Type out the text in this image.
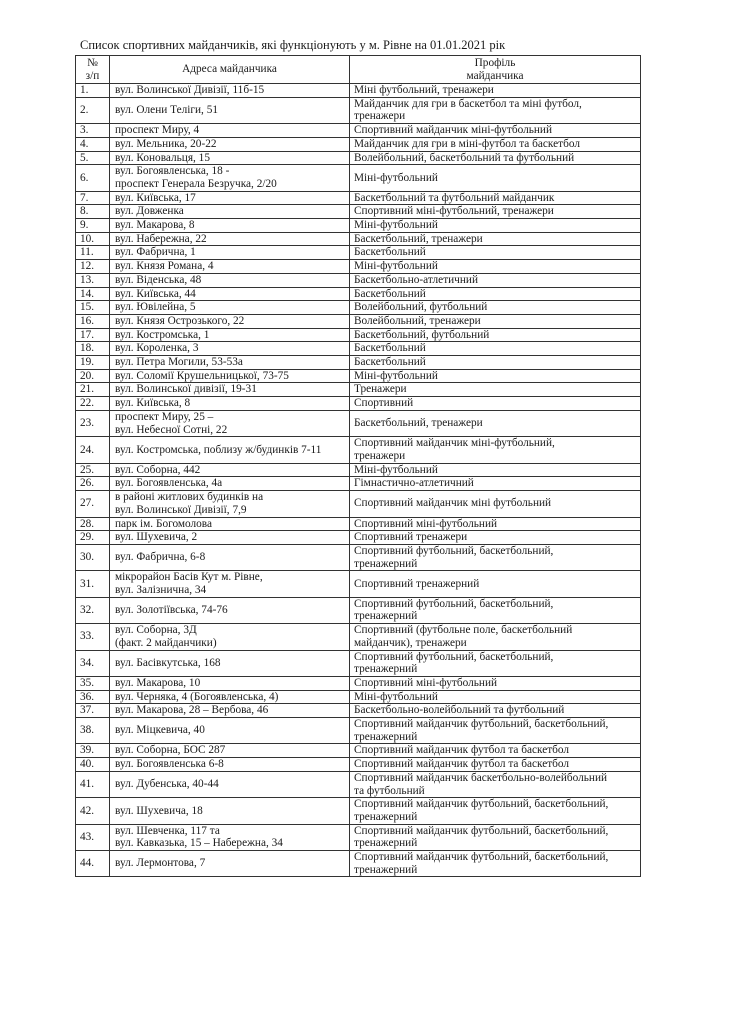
Список спортивних майданчиків, які функціонують у м. Рівне на 01.01.2021 рік
№
з/п	Адреса майданчика	Профіль
майданчика
1.	вул. Волинської Дивізії, 11б-15	Міні футбольний, тренажери
2.	вул. Олени Теліги, 51	Майданчик для гри в баскетбол та міні футбол,
тренажери
3.	проспект Миру, 4	Спортивний майданчик міні-футбольний
4.	вул. Мельника, 20-22	Майданчик для гри в міні-футбол та баскетбол
5.	вул. Коновальця, 15	Волейбольний, баскетбольний та футбольний
6.	вул. Богоявленська, 18 -
проспект Генерала Безручка, 2/20	Міні-футбольний
7.	вул. Київська, 17	Баскетбольний та футбольний майданчик
8.	вул. Довженка	Спортивний міні-футбольний, тренажери
9.	вул. Макарова, 8	Міні-футбольний
10.	вул. Набережна, 22	Баскетбольний, тренажери
11.	вул. Фабрична, 1	Баскетбольний
12.	вул. Князя Романа, 4	Міні-футбольний
13.	вул. Віденська, 48	Баскетбольно-атлетичний
14.	вул. Київська, 44	Баскетбольний
15.	вул. Ювілейна, 5	Волейбольний, футбольний
16.	вул. Князя Острозького, 22	Волейбольний, тренажери
17.	вул. Костромська, 1	Баскетбольний, футбольний
18.	вул. Короленка, 3	Баскетбольний
19.	вул. Петра Могили, 53-53а	Баскетбольний
20.	вул. Соломії Крушельницької, 73-75	Міні-футбольний
21.	вул. Волинської дивізії, 19-31	Тренажери
22.	вул. Київська, 8	Спортивний
23.	проспект Миру, 25 –
вул. Небесної Сотні, 22	Баскетбольний, тренажери
24.	вул. Костромська, поблизу ж/будинків 7-11	Спортивний майданчик міні-футбольний,
тренажери
25.	вул. Соборна, 442	Міні-футбольний
26.	вул. Богоявленська, 4а	Гімнастично-атлетичний
27.	в районі житлових будинків на
вул. Волинської Дивізії, 7,9	Спортивний майданчик міні футбольний
28.	парк ім. Богомолова	Спортивний міні-футбольний
29.	вул. Шухевича, 2	Спортивний тренажери
30.	вул. Фабрична, 6-8	Спортивний футбольний, баскетбольний,
тренажерний
31.	мікрорайон Басів Кут м. Рівне,
вул. Залізнична, 34	Спортивний тренажерний
32.	вул. Золотіївська, 74-76	Спортивний футбольний, баскетбольний,
тренажерний
33.	вул. Соборна, 3Д
(факт. 2 майданчики)	Спортивний (футбольне поле, баскетбольний
майданчик), тренажери
34.	вул. Басівкутська, 168	Спортивний футбольний, баскетбольний,
тренажерний
35.	вул. Макарова, 10	Спортивний міні-футбольний
36.	вул. Черняка, 4 (Богоявленська, 4)	Міні-футбольний
37.	вул. Макарова, 28 – Вербова, 46	Баскетбольно-волейбольний та футбольний
38.	вул. Міцкевича, 40	Спортивний майданчик футбольний, баскетбольний,
тренажерний
39.	вул. Соборна, БОС 287	Спортивний майданчик футбол та баскетбол
40.	вул. Богоявленська 6-8	Спортивний майданчик футбол та баскетбол
41.	вул. Дубенська, 40-44	Спортивний майданчик баскетбольно-волейбольний
та футбольний
42.	вул. Шухевича, 18	Спортивний майданчик футбольний, баскетбольний,
тренажерний
43.	вул. Шевченка, 117 та
вул. Кавказька, 15 – Набережна, 34	Спортивний майданчик футбольний, баскетбольний,
тренажерний
44.	вул. Лермонтова, 7	Спортивний майданчик футбольний, баскетбольний,
тренажерний
